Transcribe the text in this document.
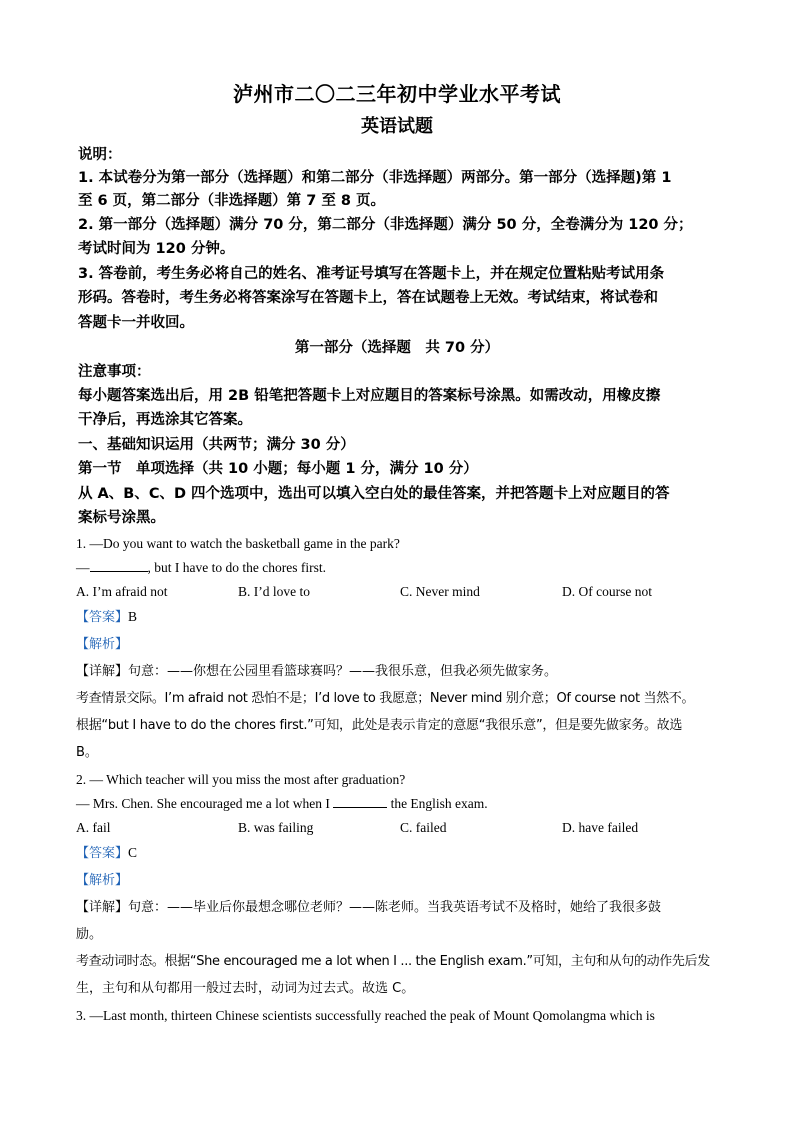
泸州市二〇二三年初中学业水平考试
英语试题
说明：
1. 本试卷分为第一部分（选择题）和第二部分（非选择题）两部分。第一部分（选择题)第 1
至 6 页，第二部分（非选择题）第 7 至 8 页。
2. 第一部分（选择题）满分 70 分，第二部分（非选择题）满分 50 分，全卷满分为 120 分；
考试时间为 120 分钟。
3. 答卷前，考生务必将自己的姓名、准考证号填写在答题卡上，并在规定位置粘贴考试用条
形码。答卷时，考生务必将答案涂写在答题卡上，答在试题卷上无效。考试结束，将试卷和
答题卡一并收回。
第一部分（选择题　共 70 分）
注意事项：
每小题答案选出后，用 2B 铅笔把答题卡上对应题目的答案标号涂黑。如需改动，用橡皮擦
干净后，再选涂其它答案。
一、基础知识运用（共两节；满分 30 分）
第一节　单项选择（共 10 小题；每小题 1 分，满分 10 分）
从 A、B、C、D 四个选项中，选出可以填入空白处的最佳答案，并把答题卡上对应题目的答
案标号涂黑。
1. —Do you want to watch the basketball game in the park?
—	, but I have to do the chores first.
A. I’m afraid not	B. I’d love to	C. Never mind	D. Of course not
【答案】B
【解析】
【详解】句意：——你想在公园里看篮球赛吗？——我很乐意，但我必须先做家务。
考查情景交际。I’m afraid not 恐怕不是；I’d love to 我愿意；Never mind 别介意；Of course not 当然不。
根据“but I have to do the chores first.”可知，此处是表示肯定的意愿“我很乐意”，但是要先做家务。故选
B。
2. — Which teacher will you miss the most after graduation?
— Mrs. Chen. She encouraged me a lot when I	the English exam.
A. fail	B. was failing	C. failed	D. have failed
【答案】C
【解析】
【详解】句意：——毕业后你最想念哪位老师？——陈老师。当我英语考试不及格时，她给了我很多鼓
励。
考查动词时态。根据“She encouraged me a lot when I ... the English exam.”可知，主句和从句的动作先后发
生，主句和从句都用一般过去时，动词为过去式。故选 C。
3. —Last month, thirteen Chinese scientists successfully reached the peak of Mount Qomolangma which is
